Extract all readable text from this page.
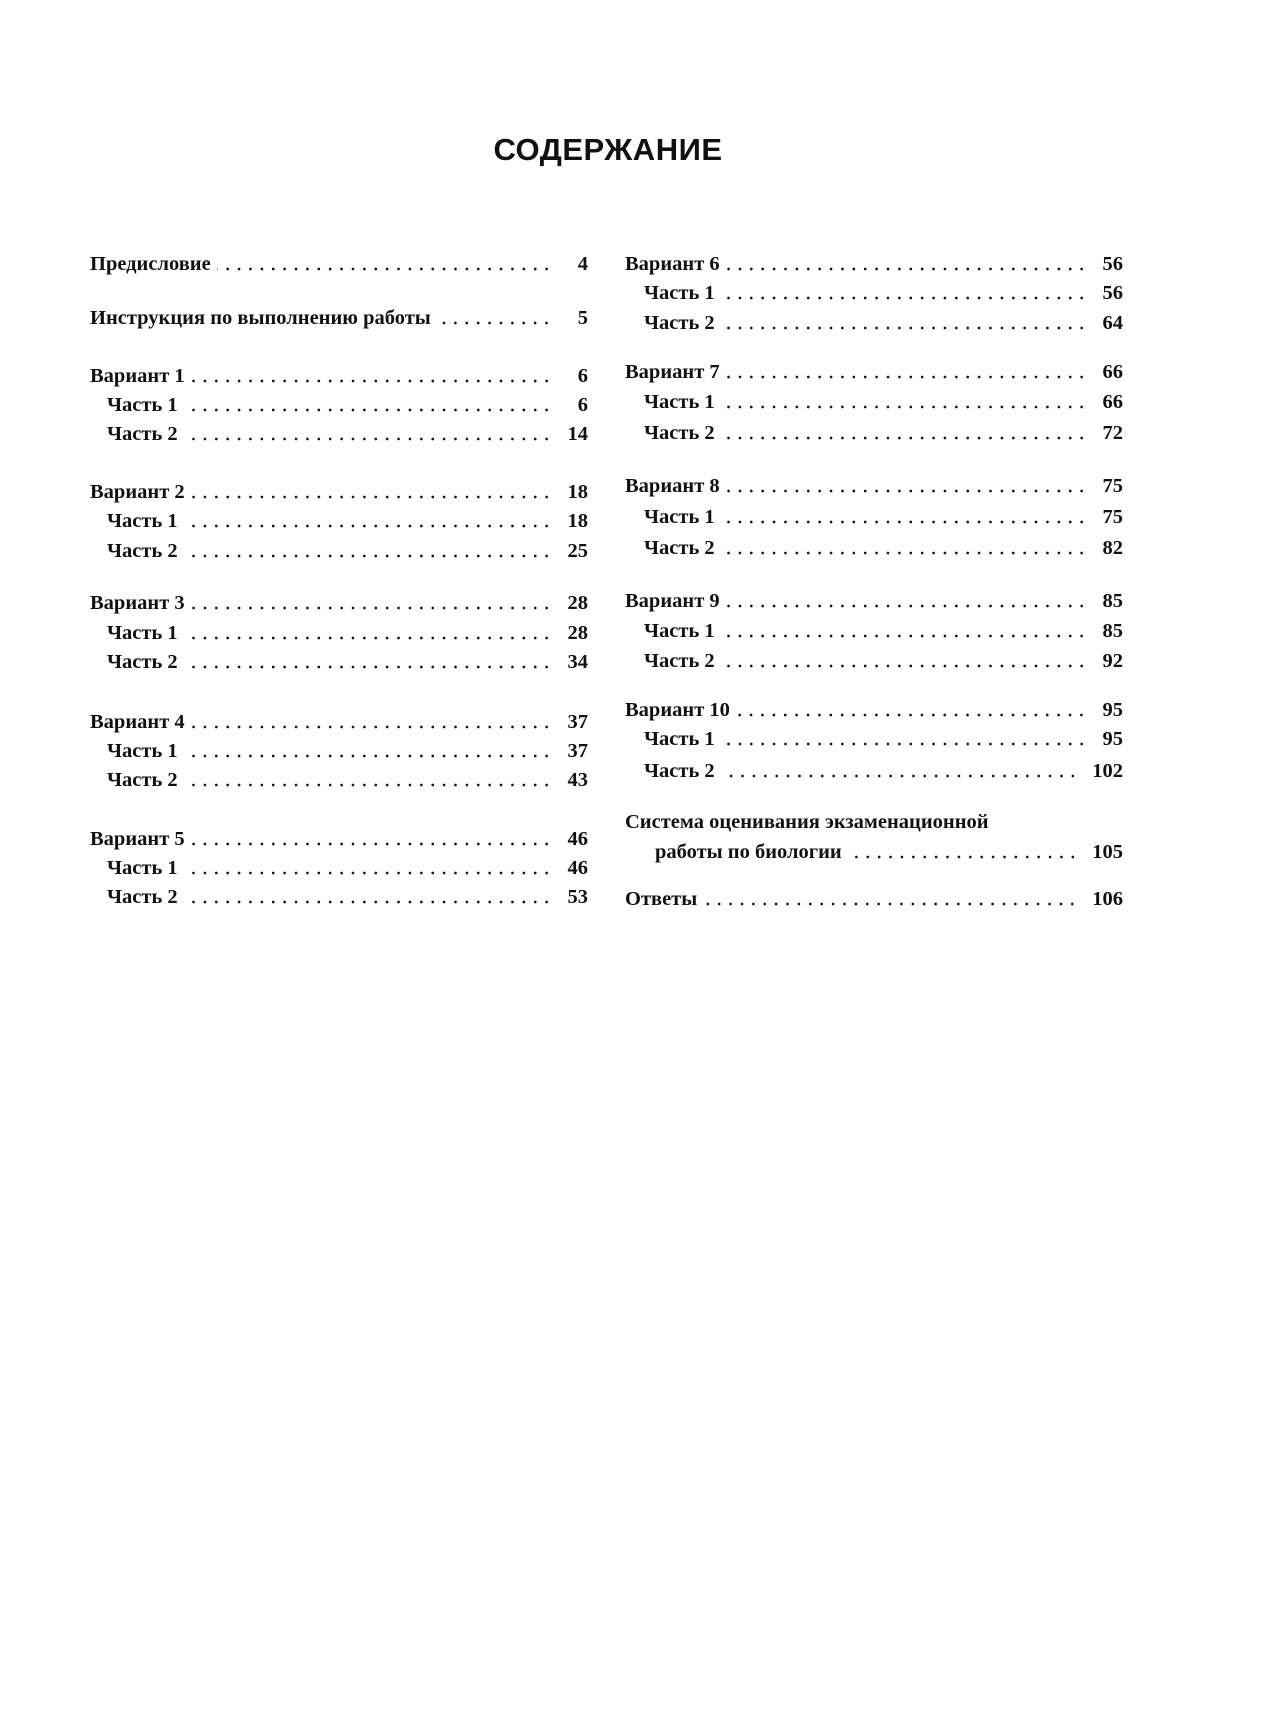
СОДЕРЖАНИЕ
Предисловие	4
Инструкция по выполнению работы	5
Вариант 1	6
Часть 1	6
Часть 2	14
Вариант 2	18
Часть 1	18
Часть 2	25
Вариант 3	28
Часть 1	28
Часть 2	34
Вариант 4	37
Часть 1	37
Часть 2	43
Вариант 5	46
Часть 1	46
Часть 2	53
Вариант 6	56
Часть 1	56
Часть 2	64
Вариант 7	66
Часть 1	66
Часть 2	72
Вариант 8	75
Часть 1	75
Часть 2	82
Вариант 9	85
Часть 1	85
Часть 2	92
Вариант 10	95
Часть 1	95
Часть 2	102
Система оценивания экзаменационной
работы по биологии	105
Ответы	106
